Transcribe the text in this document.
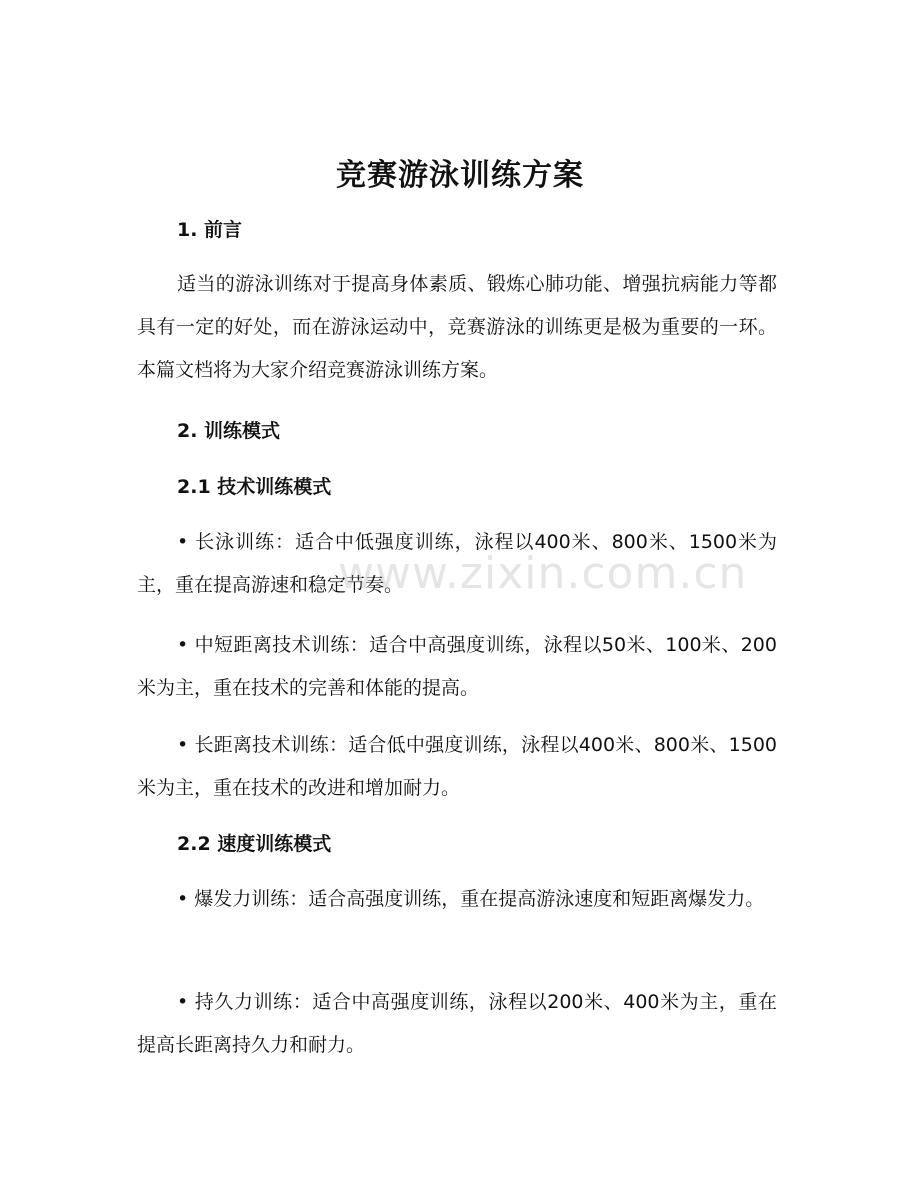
竞赛游泳训练方案
1. 前言
适当的游泳训练对于提高身体素质、锻炼心肺功能、增强抗病能力等都具有一定的好处，而在游泳运动中，竞赛游泳的训练更是极为重要的一环。本篇文档将为大家介绍竞赛游泳训练方案。
2. 训练模式
2.1 技术训练模式
• 长泳训练：适合中低强度训练，泳程以400米、800米、1500米为主，重在提高游速和稳定节奏。
• 中短距离技术训练：适合中高强度训练，泳程以50米、100米、200米为主，重在技术的完善和体能的提高。
• 长距离技术训练：适合低中强度训练，泳程以400米、800米、1500米为主，重在技术的改进和增加耐力。
2.2 速度训练模式
• 爆发力训练：适合高强度训练，重在提高游泳速度和短距离爆发力。
• 持久力训练：适合中高强度训练，泳程以200米、400米为主，重在提高长距离持久力和耐力。
www.zixin.com.cn
